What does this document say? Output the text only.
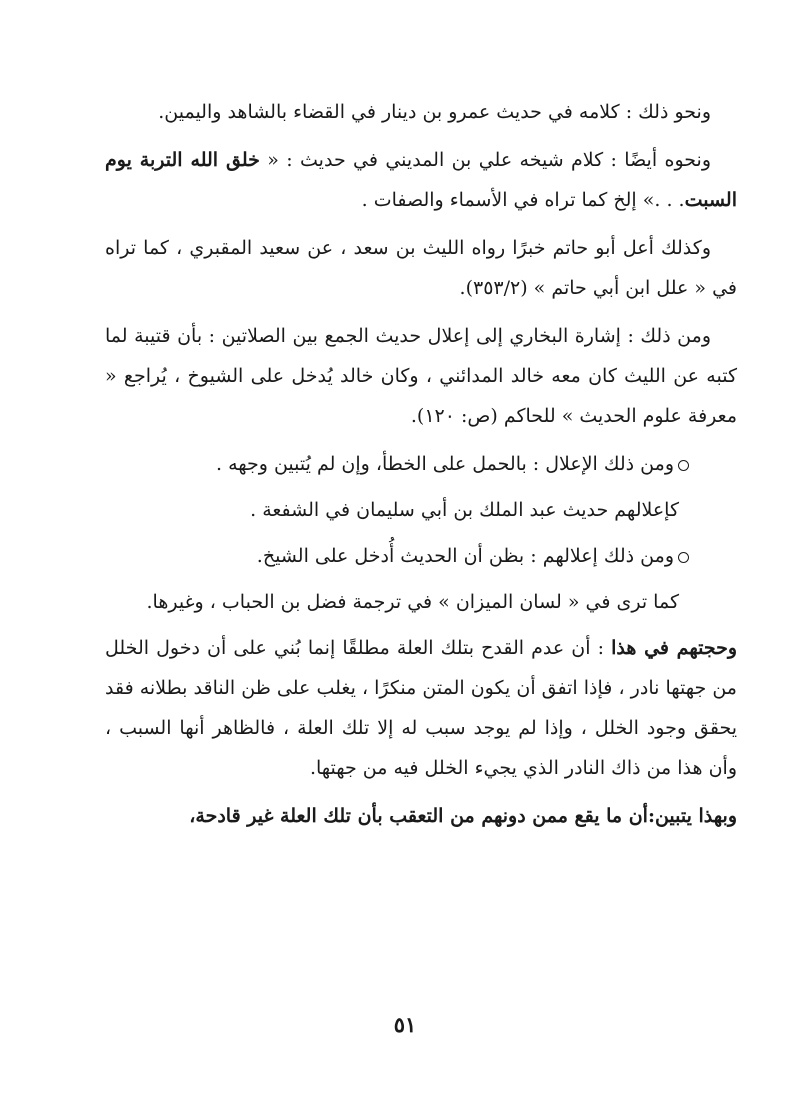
ونحو ذلك : كلامه في حديث عمرو بن دينار في القضاء بالشاهد واليمين.

ونحوه أيضًا : كلام شيخه علي بن المديني في حديث : « خلق الله التربة يوم السبت. . .» إلخ كما تراه في الأسماء والصفات .

وكذلك أعل أبو حاتم خبرًا رواه الليث بن سعد ، عن سعيد المقبري ، كما تراه في « علل ابن أبي حاتم » (٣٥٣/٢).

ومن ذلك : إشارة البخاري إلى إعلال حديث الجمع بين الصلاتين : بأن قتيبة لما كتبه عن الليث كان معه خالد المدائني ، وكان خالد يُدخل على الشيوخ ، يُراجع « معرفة علوم الحديث » للحاكم (ص: ١٢٠).

ومن ذلك الإعلال : بالحمل على الخطأ، وإن لم يُتبين وجهه .

كإعلالهم حديث عبد الملك بن أبي سليمان في الشفعة .

ومن ذلك إعلالهم : بظن أن الحديث أُدخل على الشيخ.

كما ترى في « لسان الميزان » في ترجمة فضل بن الحباب ، وغيرها.

وحجتهم في هذا : أن عدم القدح بتلك العلة مطلقًا إنما بُني على أن دخول الخلل من جهتها نادر ، فإذا اتفق أن يكون المتن منكرًا ، يغلب على ظن الناقد بطلانه فقد يحقق وجود الخلل ، وإذا لم يوجد سبب له إلا تلك العلة ، فالظاهر أنها السبب ، وأن هذا من ذاك النادر الذي يجيء الخلل فيه من جهتها.

وبهذا يتبين:أن ما يقع ممن دونهم من التعقب بأن تلك العلة غير قادحة،

٥١
